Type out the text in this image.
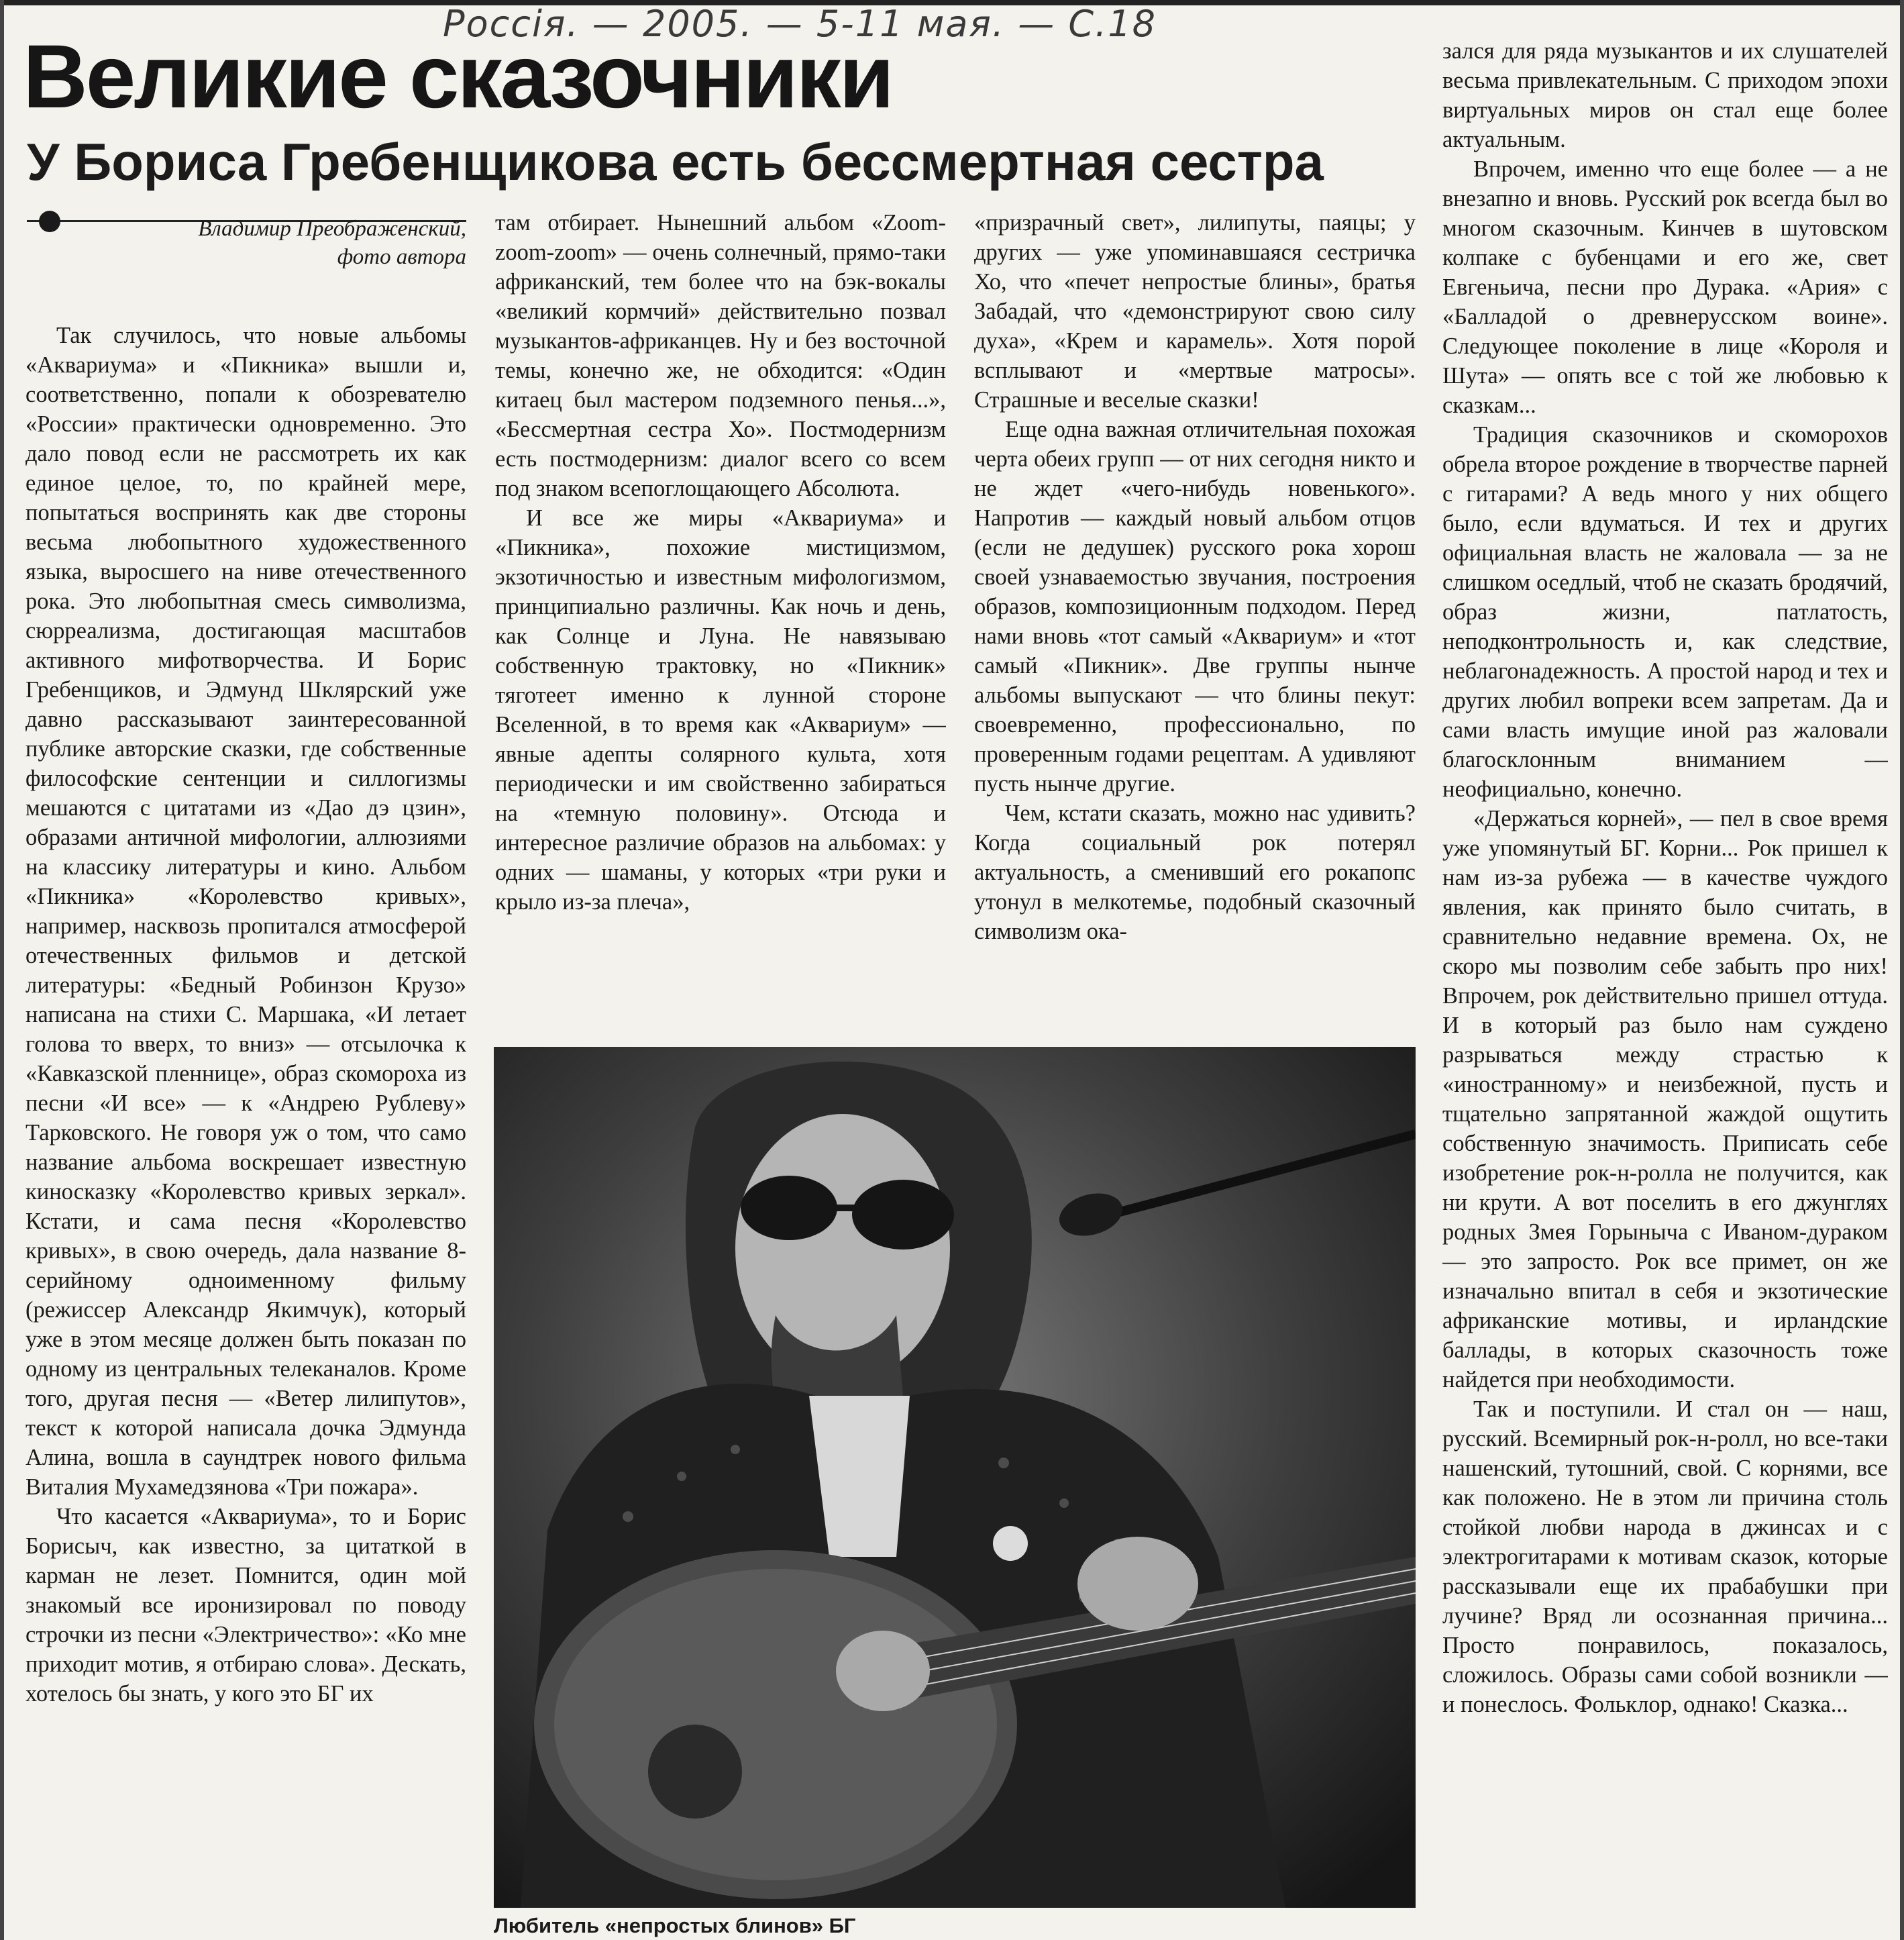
Россія. — 2005. — 5-11 мая. — С.18
Великие сказочники
У Бориса Гребенщикова есть бессмертная сестра
Владимир Преображенский,
фото автора

Так случилось, что новые альбомы «Аквариума» и «Пикника» вышли и, соответственно, попали к обозревателю «России» практически одновременно. Это дало повод если не рассмотреть их как единое целое, то, по крайней мере, попытаться воспринять как две стороны весьма любопытного художественного языка, выросшего на ниве отечественного рока. Это любопытная смесь символизма, сюрреализма, достигающая масштабов активного мифотворчества. И Борис Гребенщиков, и Эдмунд Шклярский уже давно рассказывают заинтересованной публике авторские сказки, где собственные философские сентенции и силлогизмы мешаются с цитатами из «Дао дэ цзин», образами античной мифологии, аллюзиями на классику литературы и кино. Альбом «Пикника» «Королевство кривых», например, насквозь пропитался атмосферой отечественных фильмов и детской литературы: «Бедный Робинзон Крузо» написана на стихи С. Маршака, «И летает голова то вверх, то вниз» — отсылочка к «Кавказской пленнице», образ скомороха из песни «И все» — к «Андрею Рублеву» Тарковского. Не говоря уж о том, что само название альбома воскрешает известную киносказку «Королевство кривых зеркал». Кстати, и сама песня «Королевство кривых», в свою очередь, дала название 8-серийному одноименному фильму (режиссер Александр Якимчук), который уже в этом месяце должен быть показан по одному из центральных телеканалов. Кроме того, другая песня — «Ветер лилипутов», текст к которой написала дочка Эдмунда Алина, вошла в саундтрек нового фильма Виталия Мухамедзянова «Три пожара».

Что касается «Аквариума», то и Борис Борисыч, как известно, за цитаткой в карман не лезет. Помнится, один мой знакомый все иронизировал по поводу строчки из песни «Электричество»: «Ко мне приходит мотив, я отбираю слова». Дескать, хотелось бы знать, у кого это БГ их

там отбирает. Нынешний альбом «Zoom-zoom-zoom» — очень солнечный, прямо-таки африканский, тем более что на бэк-вокалы «великий кормчий» действительно позвал музыкантов-африканцев. Ну и без восточной темы, конечно же, не обходится: «Один китаец был мастером подземного пенья...», «Бессмертная сестра Хо». Постмодернизм есть постмодернизм: диалог всего со всем под знаком всепоглощающего Абсолюта.

И все же миры «Аквариума» и «Пикника», похожие мистицизмом, экзотичностью и известным мифологизмом, принципиально различны. Как ночь и день, как Солнце и Луна. Не навязываю собственную трактовку, но «Пикник» тяготеет именно к лунной стороне Вселенной, в то время как «Аквариум» — явные адепты солярного культа, хотя периодически и им свойственно забираться на «темную половину». Отсюда и интересное различие образов на альбомах: у одних — шаманы, у которых «три руки и крыло из-за плеча»,

«призрачный свет», лилипуты, паяцы; у других — уже упоминавшаяся сестричка Хо, что «печет непростые блины», братья Забадай, что «демонстрируют свою силу духа», «Крем и карамель». Хотя порой всплывают и «мертвые матросы». Страшные и веселые сказки!

Еще одна важная отличительная похожая черта обеих групп — от них сегодня никто и не ждет «чего-нибудь новенького». Напротив — каждый новый альбом отцов (если не дедушек) русского рока хорош своей узнаваемостью звучания, построения образов, композиционным подходом. Перед нами вновь «тот самый «Аквариум» и «тот самый «Пикник». Две группы нынче альбомы выпускают — что блины пекут: своевременно, профессионально, по проверенным годами рецептам. А удивляют пусть нынче другие.

Чем, кстати сказать, можно нас удивить? Когда социальный рок потерял актуальность, а сменивший его рокапопс утонул в мелкотемье, подобный сказочный символизм ока-

зался для ряда музыкантов и их слушателей весьма привлекательным. С приходом эпохи виртуальных миров он стал еще более актуальным.

Впрочем, именно что еще более — а не внезапно и вновь. Русский рок всегда был во многом сказочным. Кинчев в шутовском колпаке с бубенцами и его же, свет Евгеньича, песни про Дурака. «Ария» с «Балладой о древнерусском воине». Следующее поколение в лице «Короля и Шута» — опять все с той же любовью к сказкам...

Традиция сказочников и скоморохов обрела второе рождение в творчестве парней с гитарами? А ведь много у них общего было, если вдуматься. И тех и других официальная власть не жаловала — за не слишком оседлый, чтоб не сказать бродячий, образ жизни, патлатость, неподконтрольность и, как следствие, неблагонадежность. А простой народ и тех и других любил вопреки всем запретам. Да и сами власть имущие иной раз жаловали благосклонным вниманием — неофициально, конечно.

«Держаться корней», — пел в свое время уже упомянутый БГ. Корни... Рок пришел к нам из-за рубежа — в качестве чуждого явления, как принято было считать, в сравнительно недавние времена. Ох, не скоро мы позволим себе забыть про них! Впрочем, рок действительно пришел оттуда. И в который раз было нам суждено разрываться между страстью к «иностранному» и неизбежной, пусть и тщательно запрятанной жаждой ощутить собственную значимость. Приписать себе изобретение рок-н-ролла не получится, как ни крути. А вот поселить в его джунглях родных Змея Горыныча с Иваном-дураком — это запросто. Рок все примет, он же изначально впитал в себя и экзотические африканские мотивы, и ирландские баллады, в которых сказочность тоже найдется при необходимости.

Так и поступили. И стал он — наш, русский. Всемирный рок-н-ролл, но все-таки нашенский, тутошний, свой. С корнями, все как положено. Не в этом ли причина столь стойкой любви народа в джинсах и с электрогитарами к мотивам сказок, которые рассказывали еще их прабабушки при лучине? Вряд ли осознанная причина... Просто понравилось, показалось, сложилось. Образы сами собой возникли — и понеслось. Фольклор, однако! Сказка...

Любитель «непростых блинов» БГ
